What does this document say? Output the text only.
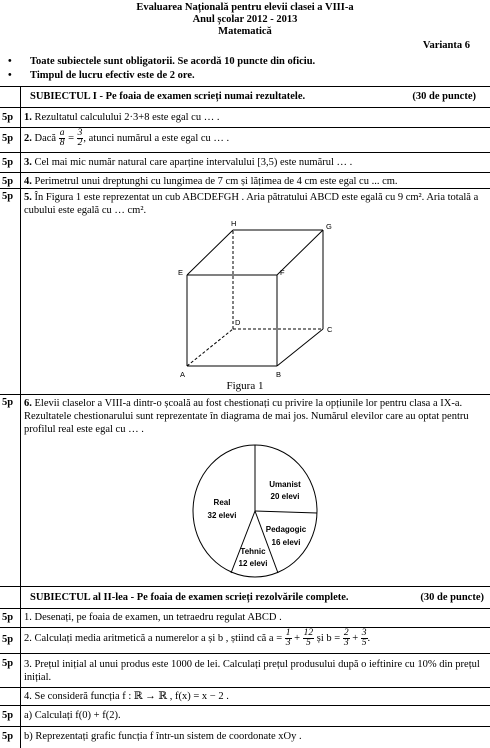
Evaluarea Națională pentru elevii clasei a VIII-a
Anul școlar 2012 - 2013
Matematică
Varianta 6
• Toate subiectele sunt obligatorii. Se acordă 10 puncte din oficiu.
• Timpul de lucru efectiv este de 2 ore.
SUBIECTUL I - Pe foaia de examen scrieți numai rezultatele.	(30 de puncte)
5p 1. Rezultatul calculului 2·3+8 este egal cu … .
5p 2. Dacă $\frac{a}{8} = \frac{3}{2}$ , atunci numărul a este egal cu … .
5p 3. Cel mai mic număr natural care aparține intervalului [3,5) este numărul … .
5p 4. Perimetrul unui dreptunghi cu lungimea de 7 cm și lățimea de 4 cm este egal cu ... cm.
5p 5. În Figura 1 este reprezentat un cub ABCDEFGH . Aria pătratului ABCD este egală cu 9 cm². Aria totală a cubului este egală cu … cm².
A	B
C
D
E	F
G
H
Figura 1
5p 6. Elevii claselor a VIII-a dintr-o școală au fost chestionați cu privire la opțiunile lor pentru clasa a IX-a. Rezultatele chestionarului sunt reprezentate în diagrama de mai jos. Numărul elevilor care au optat pentru profilul real este egal cu … .
Umanist
20 elevi
Real
32 elevi
Pedagogic
16 elevi
Tehnic
12 elevi
SUBIECTUL al II-lea - Pe foaia de examen scrieți rezolvările complete.	(30 de puncte)
5p 1. Desenați, pe foaia de examen, un tetraedru regulat ABCD .
5p 2. Calculați media aritmetică a numerelor a și b , știind că $a = \frac{1}{3} + \frac{12}{5}$ și $b = \frac{2}{3} + \frac{3}{5}$ .
5p 3. Prețul inițial al unui produs este 1000 de lei. Calculați prețul produsului după o ieftinire cu 10% din prețul inițial.
4. Se consideră funcția f : ℝ → ℝ , f(x) = x − 2 .
5p a) Calculați f(0) + f(2).
5p b) Reprezentați grafic funcția f într-un sistem de coordonate xOy .
